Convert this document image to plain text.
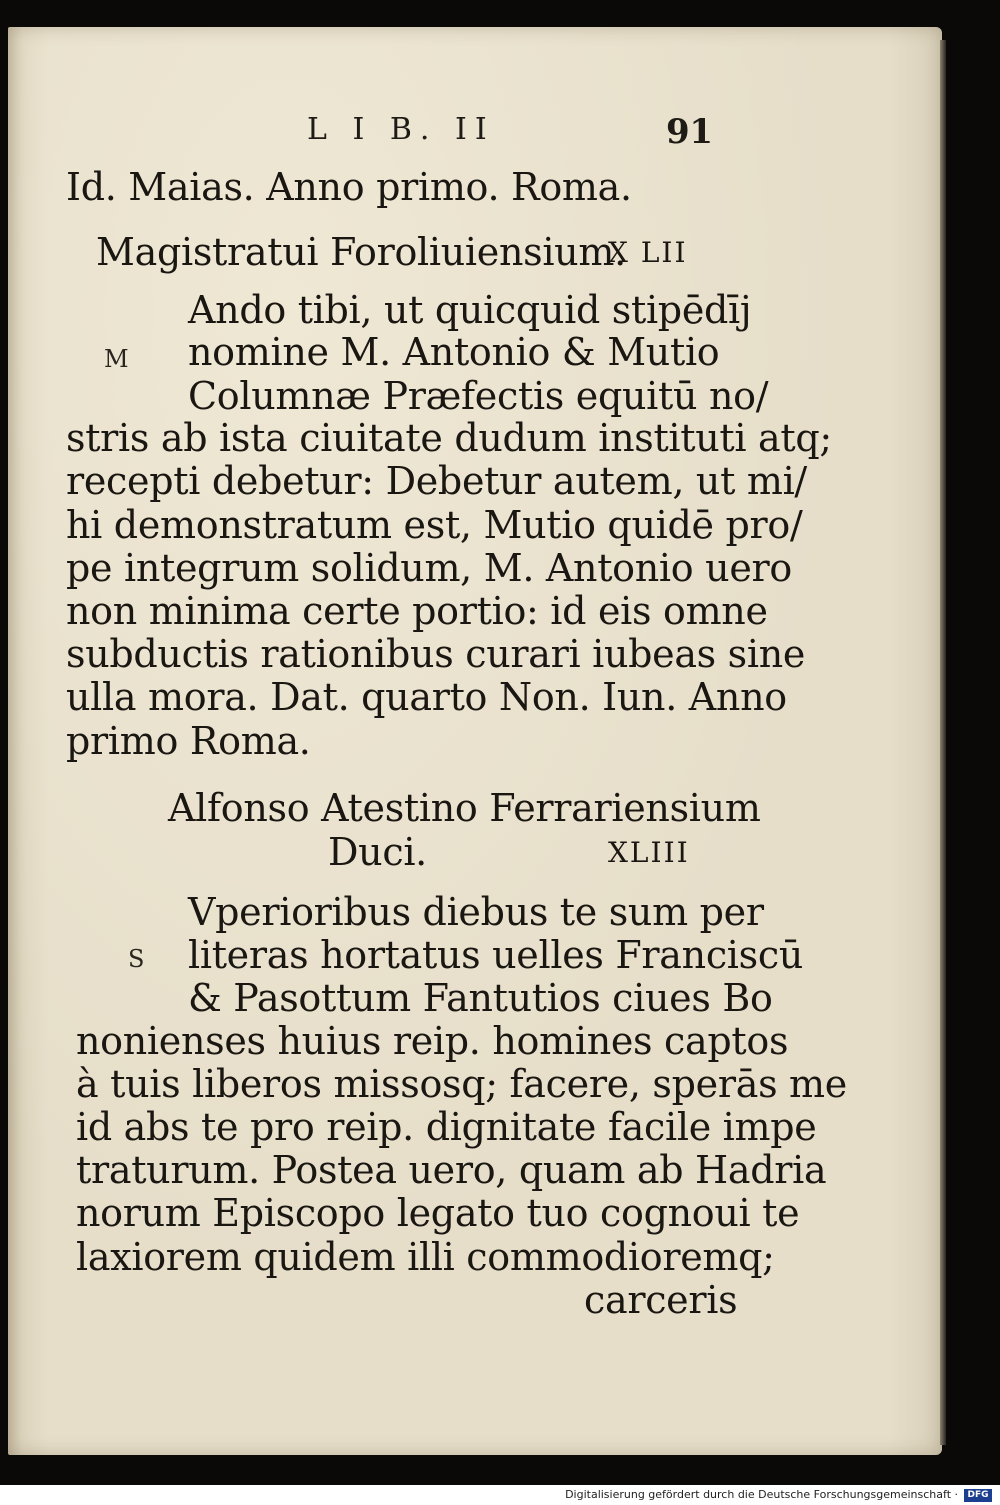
L I B. II	91
Id. Maias. Anno primo. Roma.
Magistratui Foroliuiensium.
X LII
M
Ando tibi, ut quicquid stipēdīj
nomine M. Antonio & Mutio
Columnæ Præfectis equitū no/
stris ab ista ciuitate dudum instituti atq;
recepti debetur: Debetur autem, ut mi/
hi demonstratum est, Mutio quidē pro/
pe integrum solidum, M. Antonio uero
non minima certe portio: id eis omne
subductis rationibus curari iubeas sine
ulla mora. Dat. quarto Non. Iun. Anno
primo Roma.
Alfonso Atestino Ferrariensium
Duci.	XLIII
S
Vperioribus diebus te sum per
literas hortatus uelles Franciscū
& Pasottum Fantutios ciues Bo
nonienses huius reip. homines captos
à tuis liberos missosq; facere, sperās me
id abs te pro reip. dignitate facile impe
traturum. Postea uero, quam ab Hadria
norum Episcopo legato tuo cognoui te
laxiorem quidem illi commodioremq;
carceris
Digitalisierung gefördert durch die Deutsche Forschungsgemeinschaft ·	DFG
